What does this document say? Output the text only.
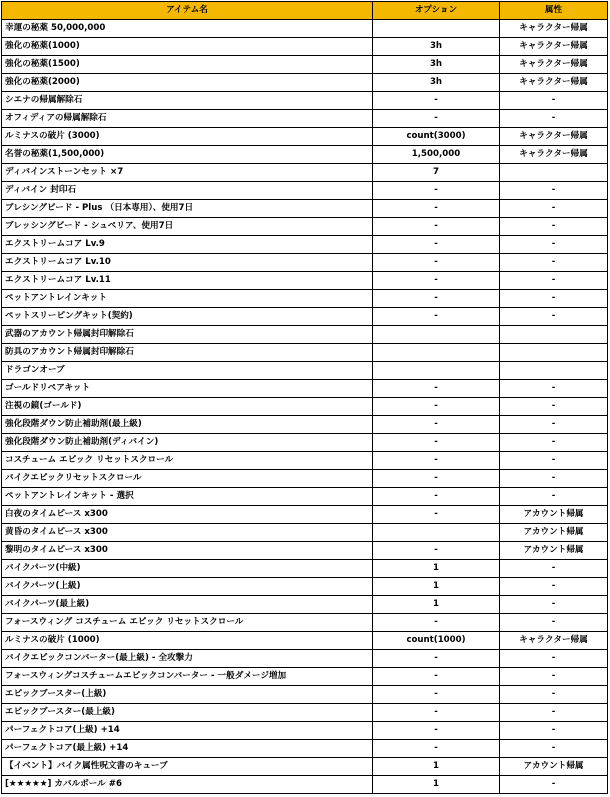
アイテム名	オプション	属性
幸運の秘薬 50,000,000		キャラクター帰属
強化の秘薬(1000)	3h	キャラクター帰属
強化の秘薬(1500)	3h	キャラクター帰属
強化の秘薬(2000)	3h	キャラクター帰属
シエナの帰属解除石	-	-
オフィディアの帰属解除石	-	-
ルミナスの破片 (3000)	count(3000)	キャラクター帰属
名誉の秘薬(1,500,000)	1,500,000	キャラクター帰属
ディバインストーンセット ×7	7	
ディバイン 封印石	-	-
ブレシングビード - Plus （日本専用）、使用7日	-	-
ブレッシングビード - シュペリア、使用7日	-	-
エクストリームコア Lv.9	-	-
エクストリームコア Lv.10	-	-
エクストリームコア Lv.11	-	-
ペットアントレインキット	-	-
ペットスリーピングキット(契約)	-	-
武器のアカウント帰属封印解除石		
防具のアカウント帰属封印解除石		
ドラゴンオーブ		
ゴールドリペアキット	-	-
注視の鏡(ゴールド)	-	-
強化段階ダウン防止補助剤(最上級)	-	-
強化段階ダウン防止補助剤(ディバイン)	-	-
コスチューム エピック リセットスクロール	-	-
バイクエピックリセットスクロール	-	-
ペットアントレインキット - 選択	-	-
白夜のタイムピース x300	-	アカウント帰属
黄昏のタイムピース x300		アカウント帰属
黎明のタイムピース x300	-	アカウント帰属
バイクパーツ(中級)	1	-
バイクパーツ(上級)	1	-
バイクパーツ(最上級)	1	-
フォースウィング コスチューム エピック リセットスクロール	-	-
ルミナスの破片 (1000)	count(1000)	キャラクター帰属
バイクエピックコンバーター(最上級) - 全攻撃力	-	-
フォースウィングコスチュームエピックコンバーター - 一般ダメージ増加	-	-
エピックブースター(上級)	-	-
エピックブースター(最上級)	-	-
パーフェクトコア(上級) +14	-	-
パーフェクトコア(最上級) +14	-	-
【イベント】バイク属性呪文書のキューブ	1	アカウント帰属
[★★★★★] カバルボール #6	1	-
